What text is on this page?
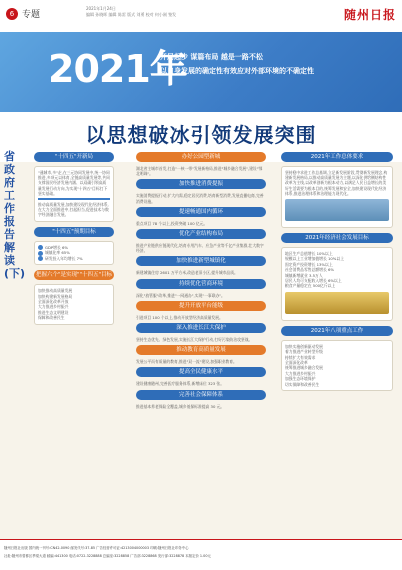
6 专题
2021年1月24日
编辑 孙晓晖 编辑 陈雷 版式 刘勇 校对 何小刚 签发	随州日报
2021年
开局起步 谋篇布局 越是一路不松
以自身发展的确定性有效应对外部环境的不确定性
以思想破冰引领发展突围
省政府工作报告解读(下)
"十四五"开新局
"通城市,多"走,在三元协同发展中,统一协同推进,多项元以体育,全链高质量发展等,共同支撑国民经济发展内涵、以双碳引领高质量发展行动方向,为实现"十四五"目标打下坚实基础。
推动高质量发展,加快建设现代化经济体系,在大力全面推进中,扛起担当,促进技术与数字经济融合发展。
"十四五"预期目标
GDP增长 6%
城镇化率 65%
研发投入年均增长 7%
把握六个"是实现""十四五"目标
加快推动高质量发展
加快构建新发展格局
全面深化改革开放
大力推进乡村振兴
推进生态文明建设
保障和改善民生
办好公园型新城
湖北省主城市首发,打造"一核一带"发展新格局,推进"城乡融合发展",建设"鄂北明珠"。
加快推进消费提振
实施消费提振行动,扩大内需,稳定居民消费,培育新型消费,发展直播电商,完善消费设施。
提速畅通国内循环
重点项目 78 个以上,投资突破 100 亿元。
优化产业结构布局
推进产业链供应链现代化,培育专用汽车、应急产业等千亿产业集群,壮大数字经济。
加快推进新型城镇化
新建城镇住房 2601 万平方米,改造老旧小区,提升城市品质。
持续优化营商环境
深化"放管服"改革,推进"一网通办",实现"一事联办"。
提升开放平台能级
引进项目 100 个以上,推动开放型经济高质量发展。
深入推进长江大保护
坚持生态优先、绿色发展,实施长江大保护行动,打好污染防治攻坚战。
推动教育高质量发展
发展公平而有质量的教育,推进"双一流"建设,加强职业教育。
提高全民健康水平
建设健康随州,完善医疗服务体系,新增床位 323 张。
完善社会保障体系
推进基本养老保险全覆盖,城乡低保标准提高 30 元。
2021年工作总体要求
坚持稳中求进工作总基调,立足新发展阶段,贯彻新发展理念,构建新发展格局,以推动高质量发展为主题,以深化供给侧结构性改革为主线,以改革创新为根本动力,以满足人民日益增长的美好生活需要为根本目的,统筹发展和安全,加快建设现代化经济体系,推进治理体系和治理能力现代化。
2021年经济社会发展目标
地区生产总值增长 10%以上
规模以上工业增加值增长 10%以上
固定资产投资增长 13%以上
社会消费品零售总额增长 6%
城镇新增就业 3.5万人
居民人均可支配收入增长 6%以上
粮食产量稳定在 500亿斤以上
2021年八项重点工作
加快实施创新驱动发展
着力推进产业转型升级
持续扩大有效需求
全面深化改革
统筹推进城乡融合发展
大力推进乡村振兴
加强生态环境保护
切实保障和改善民生
随州日报社出版 国内统一刊号:CN42-0090 邮发代号:37-85 广告经营许可证:4213004000003 印刷:随州日报社印务中心
社址:随州市曾都区季梁大道 邮编:441300 电话:0722-3228888 总编室:3228858 广告部:3228868 发行部:3228878 本版定价 1.00元
